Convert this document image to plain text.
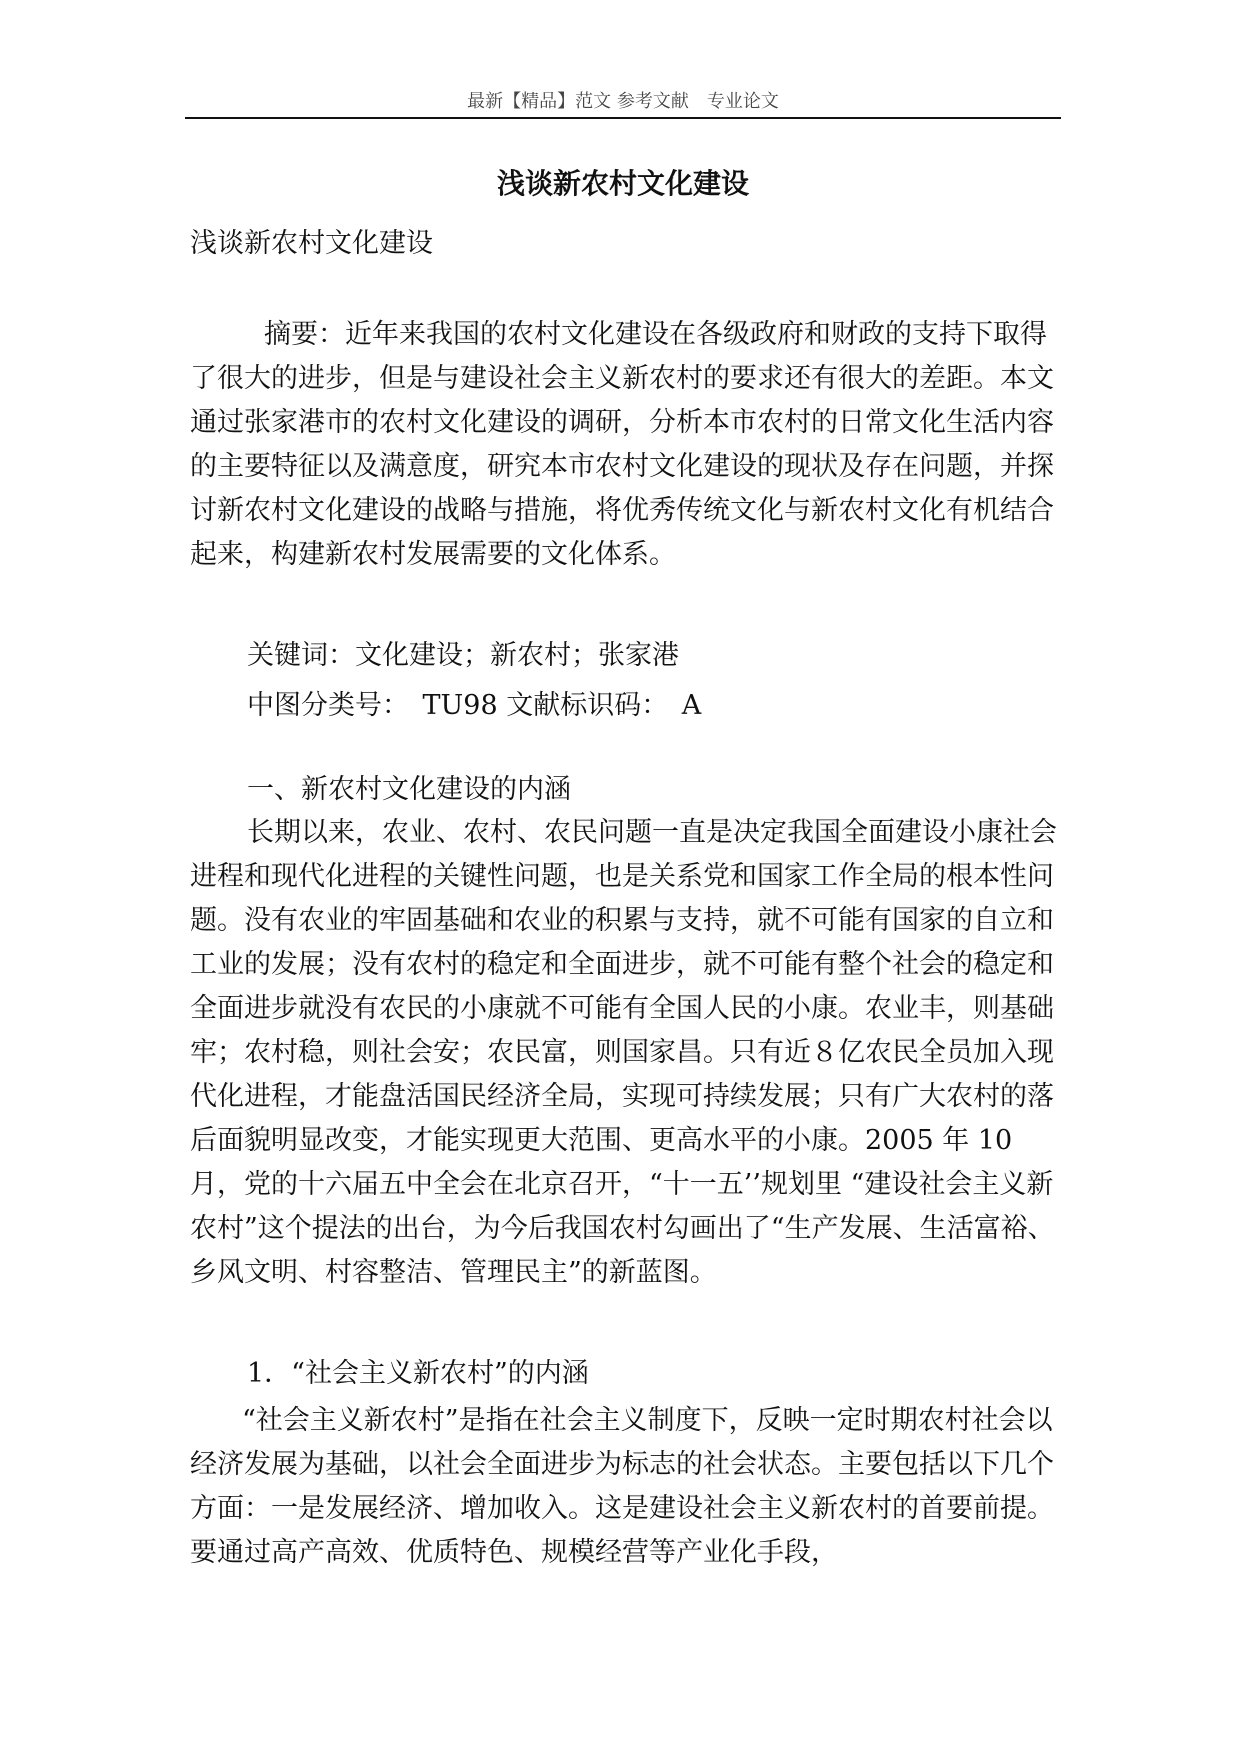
最新【精品】范文 参考文献　专业论文
浅谈新农村文化建设
浅谈新农村文化建设
摘要：近年来我国的农村文化建设在各级政府和财政的支持下取得了很大的进步，但是与建设社会主义新农村的要求还有很大的差距。本文通过张家港市的农村文化建设的调研，分析本市农村的日常文化生活内容的主要特征以及满意度，研究本市农村文化建设的现状及存在问题，并探讨新农村文化建设的战略与措施，将优秀传统文化与新农村文化有机结合起来，构建新农村发展需要的文化体系。
关键词：文化建设；新农村；张家港
中图分类号：　TU98 文献标识码：　A
一、新农村文化建设的内涵
长期以来，农业、农村、农民问题一直是决定我国全面建设小康社会进程和现代化进程的关键性问题，也是关系党和国家工作全局的根本性问题。没有农业的牢固基础和农业的积累与支持，就不可能有国家的自立和工业的发展；没有农村的稳定和全面进步，就不可能有整个社会的稳定和全面进步就没有农民的小康就不可能有全国人民的小康。农业丰，则基础牢；农村稳，则社会安；农民富，则国家昌。只有近８亿农民全员加入现代化进程，才能盘活国民经济全局，实现可持续发展；只有广大农村的落后面貌明显改变，才能实现更大范围、更高水平的小康。2005 年 10 月，党的十六届五中全会在北京召开，“十一五’’规划里 “建设社会主义新农村”这个提法的出台，为今后我国农村勾画出了“生产发展、生活富裕、乡风文明、村容整洁、管理民主”的新蓝图。
1．“社会主义新农村”的内涵
“社会主义新农村”是指在社会主义制度下，反映一定时期农村社会以经济发展为基础，以社会全面进步为标志的社会状态。主要包括以下几个方面：一是发展经济、增加收入。这是建设社会主义新农村的首要前提。要通过高产高效、优质特色、规模经营等产业化手段，
